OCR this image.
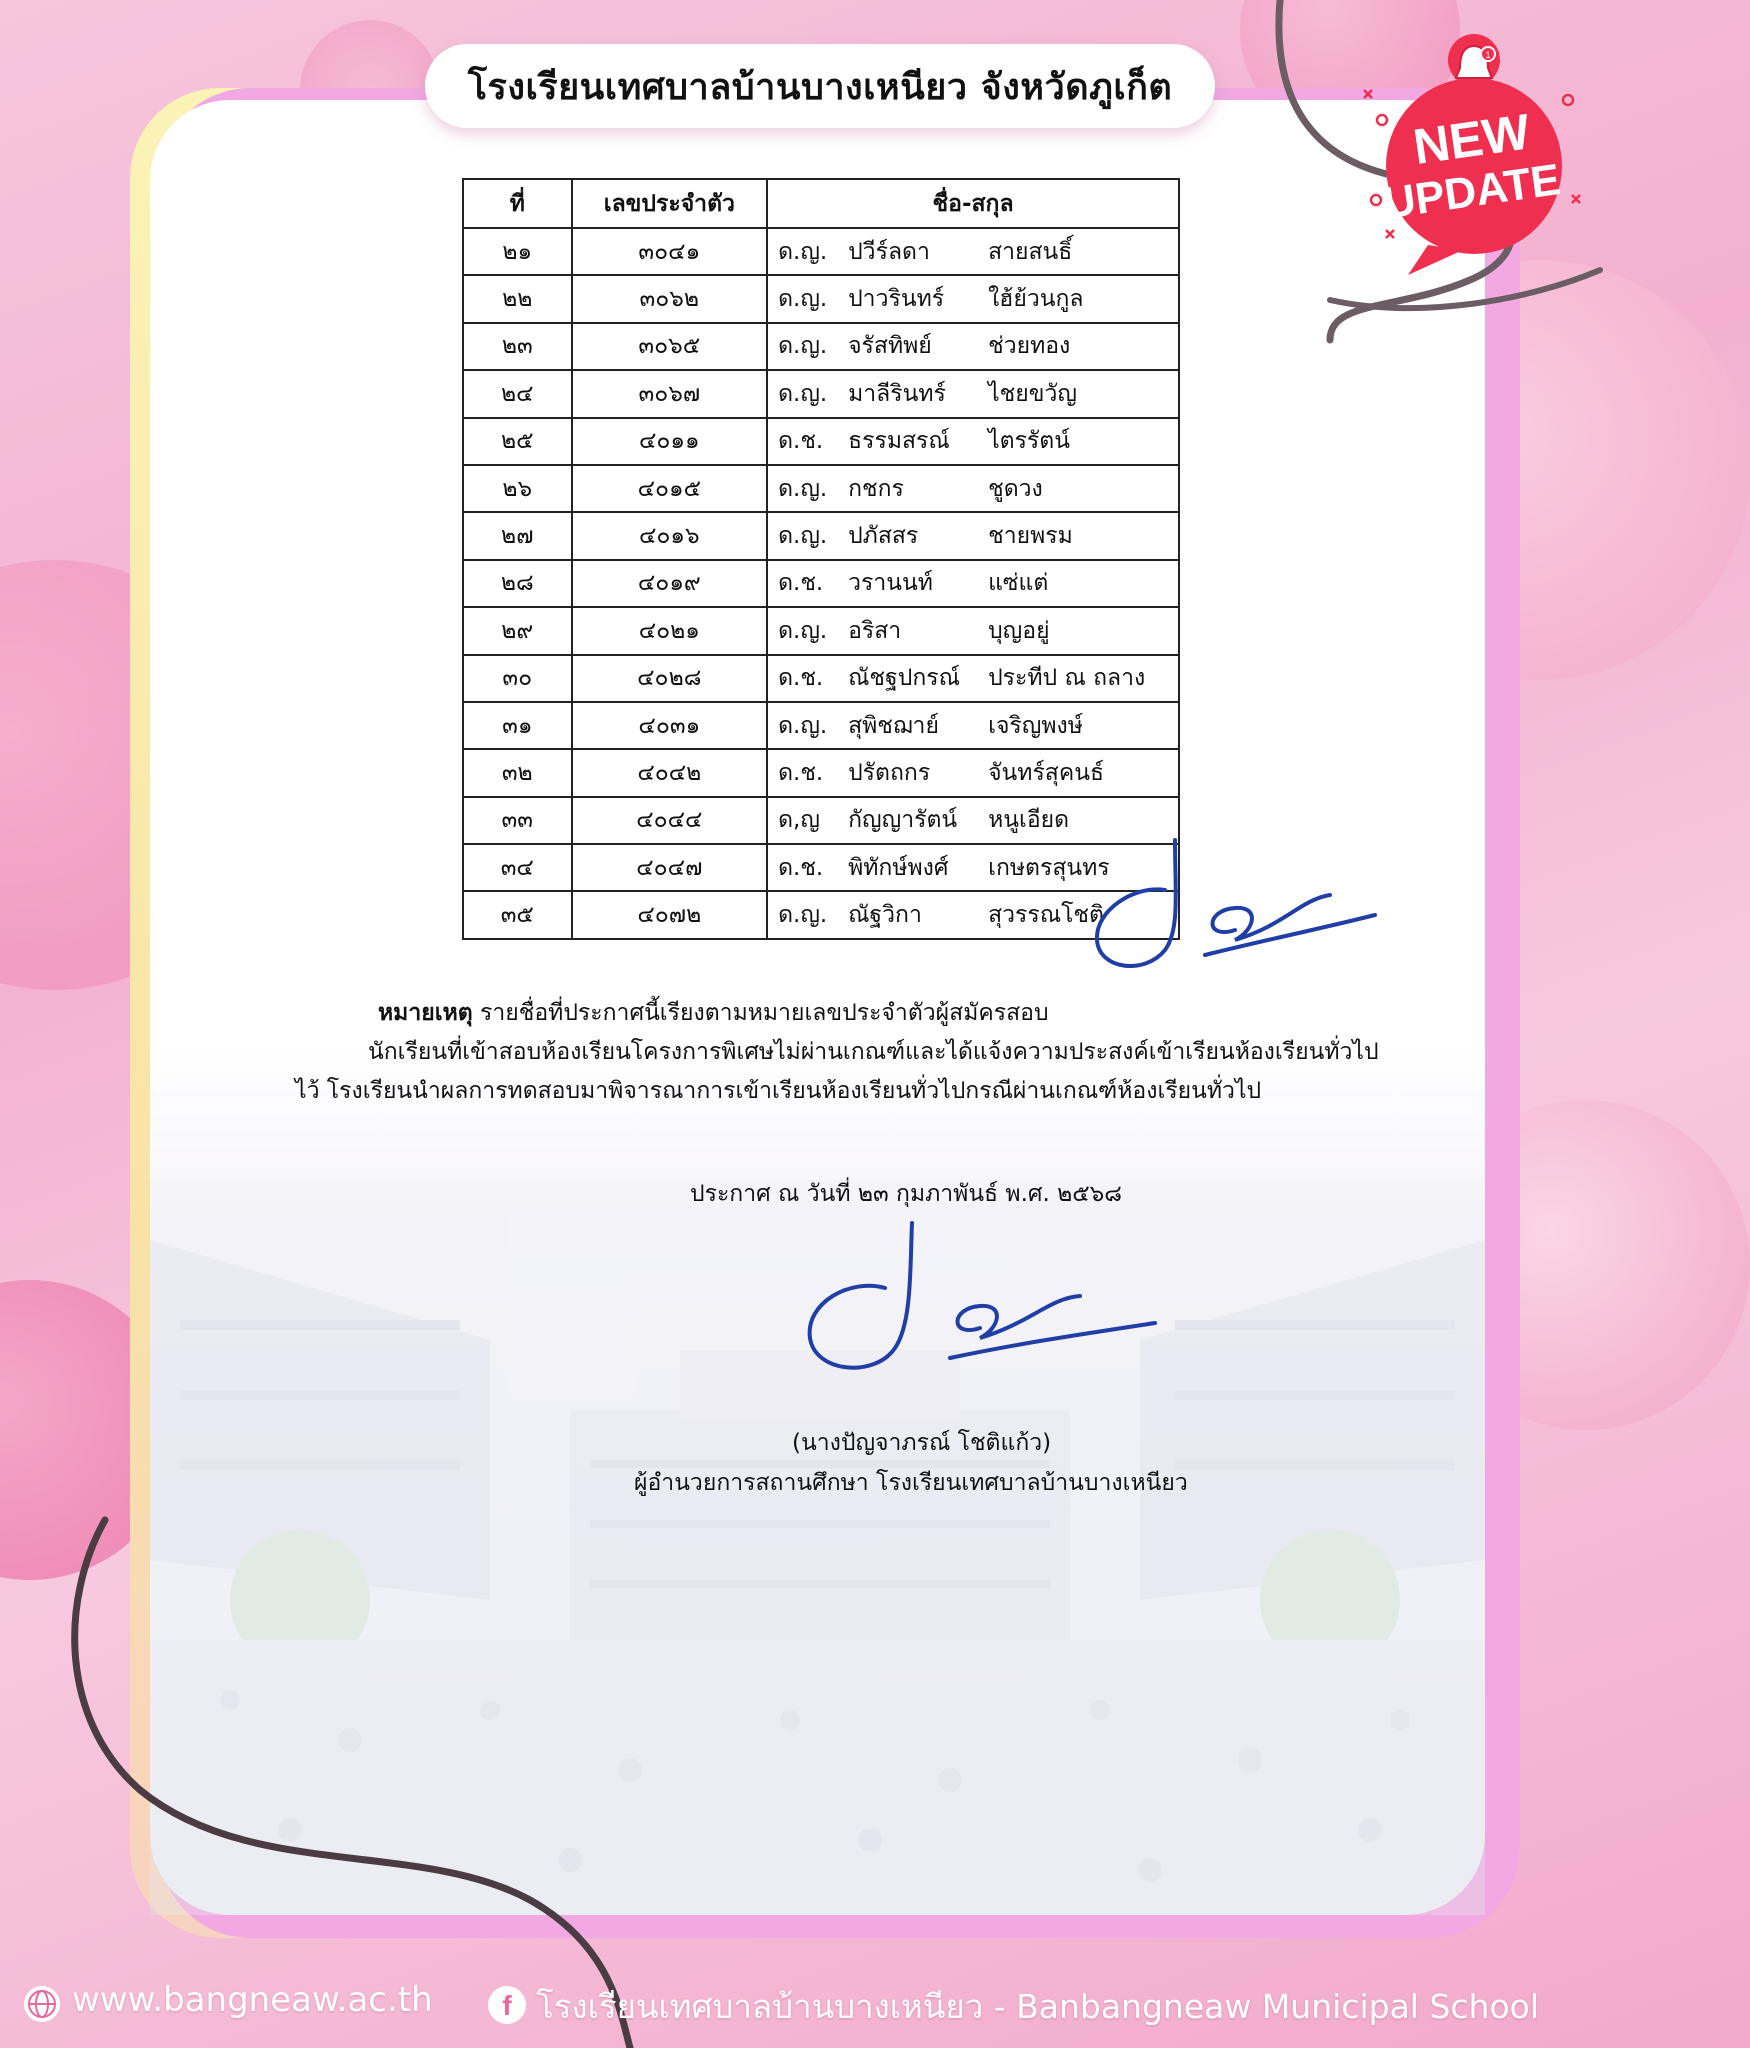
โรงเรียนเทศบาลบ้านบางเหนียว จังหวัดภูเก็ต
1
NEW
UPDATE
ที่	เลขประจำตัว	ชื่อ-สกุล
๒๑	๓๐๔๑	ด.ญ. ปวีร์ลดา สายสนธิ์

๒๒	๓๐๖๒	ด.ญ. ปาวรินทร์ ใฮ้ย้วนกูล

๒๓	๓๐๖๕	ด.ญ. จรัสทิพย์ ช่วยทอง

๒๔	๓๐๖๗	ด.ญ. มาลีรินทร์ ไชยขวัญ

๒๕	๔๐๑๑	ด.ช. ธรรมสรณ์ ไตรรัตน์

๒๖	๔๐๑๕	ด.ญ. กชกร ชูดวง

๒๗	๔๐๑๖	ด.ญ. ปภัสสร ชายพรม

๒๘	๔๐๑๙	ด.ช. วรานนท์ แซ่แต่

๒๙	๔๐๒๑	ด.ญ. อริสา บุญอยู่

๓๐	๔๐๒๘	ด.ช. ณัชฐปกรณ์ ประทีป ณ ถลาง

๓๑	๔๐๓๑	ด.ญ. สุพิชฌาย์ เจริญพงษ์

๓๒	๔๐๔๒	ด.ช. ปรัตถกร จันทร์สุคนธ์

๓๓	๔๐๔๔	ด,ญ กัญญารัตน์ หนูเอียด

๓๔	๔๐๔๗	ด.ช. พิทักษ์พงศ์ เกษตรสุนทร

๓๕	๔๐๗๒	ด.ญ. ณัฐวิกา สุวรรณโชติ
หมายเหตุ รายชื่อที่ประกาศนี้เรียงตามหมายเลขประจำตัวผู้สมัครสอบ
นักเรียนที่เข้าสอบห้องเรียนโครงการพิเศษไม่ผ่านเกณฑ์และได้แจ้งความประสงค์เข้าเรียนห้องเรียนทั่วไป
ไว้ โรงเรียนนำผลการทดสอบมาพิจารณาการเข้าเรียนห้องเรียนทั่วไปกรณีผ่านเกณฑ์ห้องเรียนทั่วไป
ประกาศ ณ วันที่ ๒๓ กุมภาพันธ์ พ.ศ. ๒๕๖๘
(นางปัญจาภรณ์ โชติแก้ว)
ผู้อำนวยการสถานศึกษา โรงเรียนเทศบาลบ้านบางเหนียว
www.bangneaw.ac.th	f โรงเรียนเทศบาลบ้านบางเหนียว - Banbangneaw Municipal School
